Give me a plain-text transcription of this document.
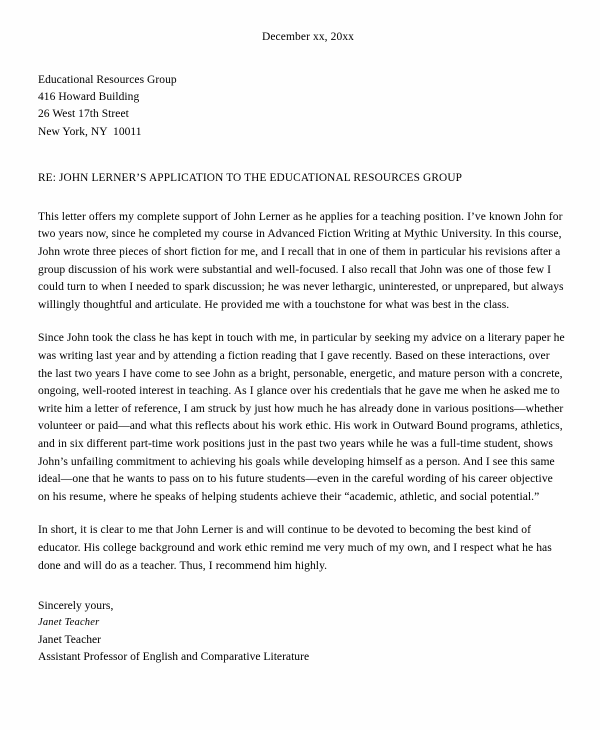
December xx, 20xx
Educational Resources Group
416 Howard Building
26 West 17th Street
New York, NY  10011
RE: JOHN LERNER’S APPLICATION TO THE EDUCATIONAL RESOURCES GROUP

This letter offers my complete support of John Lerner as he applies for a teaching position. I’ve known John for two years now, since he completed my course in Advanced Fiction Writing at Mythic University. In this course, John wrote three pieces of short fiction for me, and I recall that in one of them in particular his revisions after a group discussion of his work were substantial and well-focused. I also recall that John was one of those few I could turn to when I needed to spark discussion; he was never lethargic, uninterested, or unprepared, but always willingly thoughtful and articulate. He provided me with a touchstone for what was best in the class.

Since John took the class he has kept in touch with me, in particular by seeking my advice on a literary paper he was writing last year and by attending a fiction reading that I gave recently. Based on these interactions, over the last two years I have come to see John as a bright, personable, energetic, and mature person with a concrete, ongoing, well-rooted interest in teaching. As I glance over his credentials that he gave me when he asked me to write him a letter of reference, I am struck by just how much he has already done in various positions—whether volunteer or paid—and what this reflects about his work ethic. His work in Outward Bound programs, athletics, and in six different part-time work positions just in the past two years while he was a full-time student, shows John’s unfailing commitment to achieving his goals while developing himself as a person. And I see this same ideal—one that he wants to pass on to his future students—even in the careful wording of his career objective on his resume, where he speaks of helping students achieve their “academic, athletic, and social potential.”

In short, it is clear to me that John Lerner is and will continue to be devoted to becoming the best kind of educator. His college background and work ethic remind me very much of my own, and I respect what he has done and will do as a teacher. Thus, I recommend him highly.

Sincerely yours,
Janet Teacher
Janet Teacher
Assistant Professor of English and Comparative Literature
